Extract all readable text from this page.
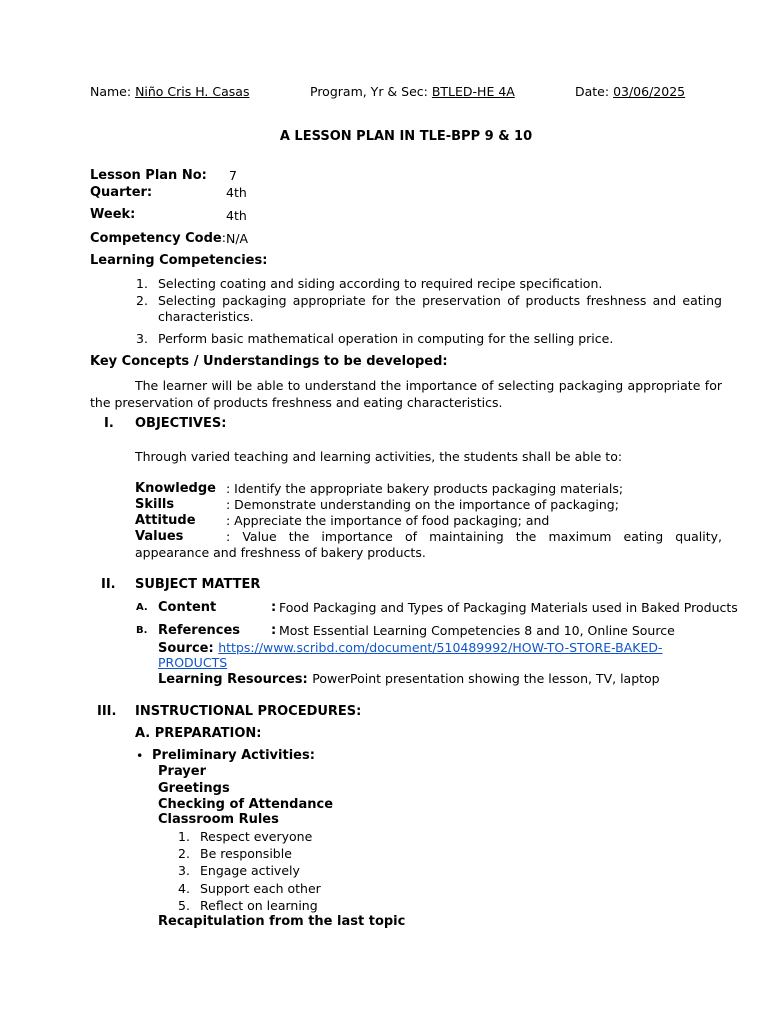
Name: Niño Cris H. Casas	Program, Yr & Sec: BTLED-HE 4A	Date: 03/06/2025
A LESSON PLAN IN TLE-BPP 9 & 10
Lesson Plan No: 7
Quarter:	4th
Week:	4th
Competency Code: N/A
Learning Competencies:
1. Selecting coating and siding according to required recipe specification.
2. Selecting packaging appropriate for the preservation of products freshness and eating characteristics.
3. Perform basic mathematical operation in computing for the selling price.
Key Concepts / Understandings to be developed:
The learner will be able to understand the importance of selecting packaging appropriate for the preservation of products freshness and eating characteristics.
I. OBJECTIVES:
Through varied teaching and learning activities, the students shall be able to:
Knowledge : Identify the appropriate bakery products packaging materials;
Skills	: Demonstrate understanding on the importance of packaging;
Attitude : Appreciate the importance of food packaging; and
Values	: Value the importance of maintaining the maximum eating quality, appearance and freshness of bakery products.
II. SUBJECT MATTER
A. Content	: Food Packaging and Types of Packaging Materials used in Baked Products
B. References : Most Essential Learning Competencies 8 and 10, Online Source
Source: https://www.scribd.com/document/510489992/HOW-TO-STORE-BAKED-
PRODUCTS
Learning Resources: PowerPoint presentation showing the lesson, TV, laptop
III. INSTRUCTIONAL PROCEDURES:
A. PREPARATION:
• Preliminary Activities:
Prayer
Greetings
Checking of Attendance
Classroom Rules
1. Respect everyone
2. Be responsible
3. Engage actively
4. Support each other
5. Reflect on learning
Recapitulation from the last topic
